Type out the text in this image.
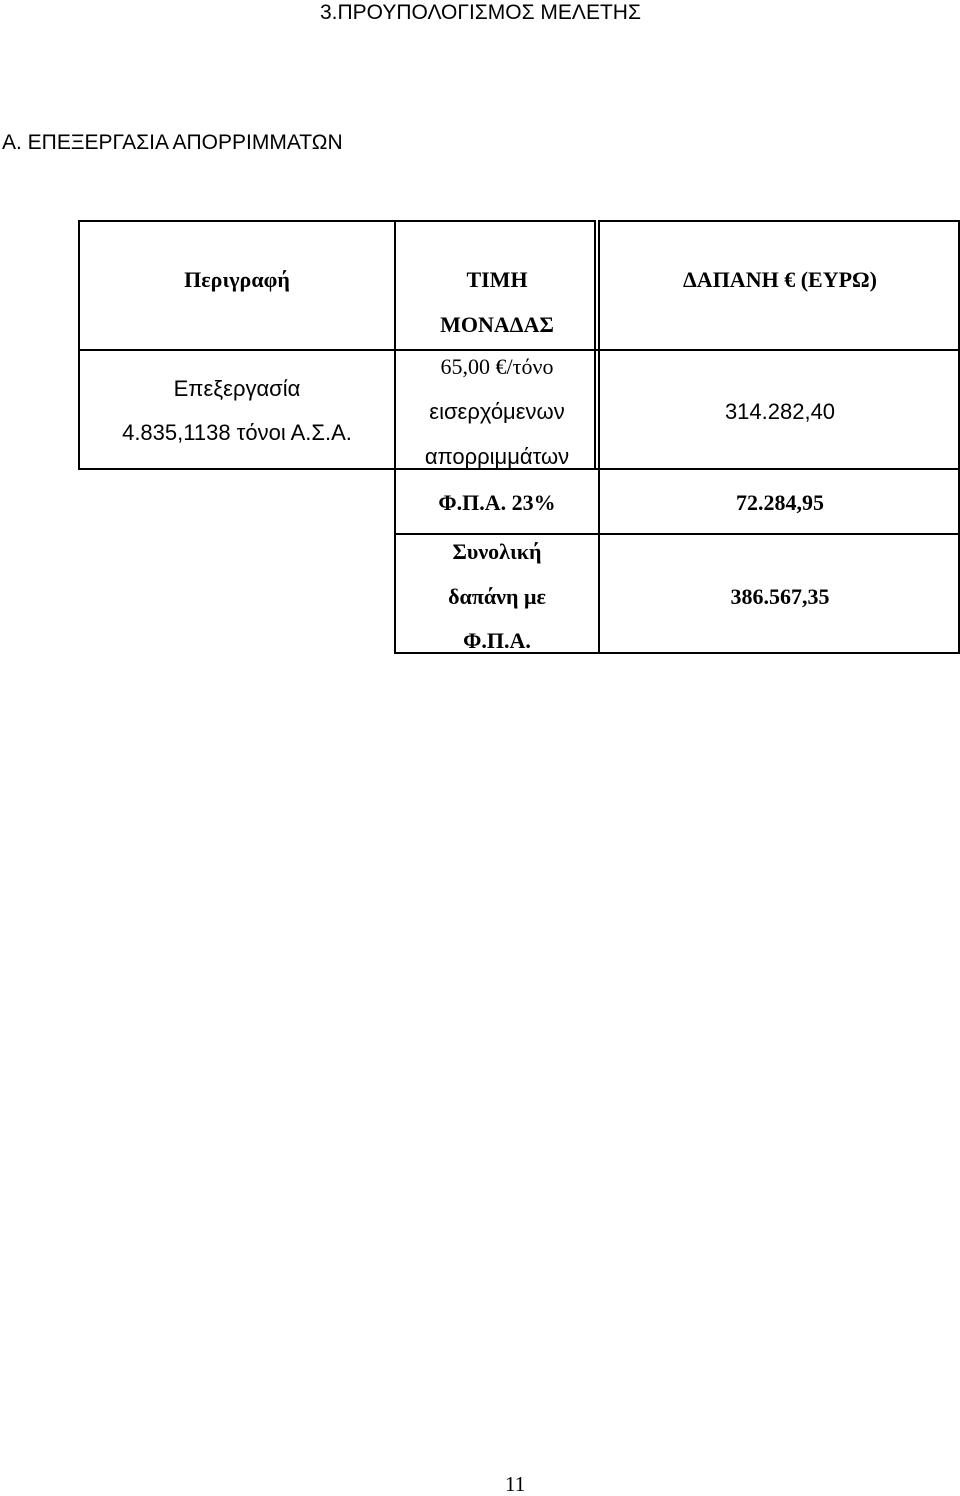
3.ΠΡΟΥΠΟΛΟΓΙΣΜΟΣ ΜΕΛΕΤΗΣ
Α. ΕΠΕΞΕΡΓΑΣΙΑ ΑΠΟΡΡΙΜΜΑΤΩΝ
Περιγραφή	ΤΙΜΗ
ΜΟΝΑΔΑΣ
ΔΑΠΑΝΗ € (ΕΥΡΩ)
Επεξεργασία
4.835,1138 τόνοι Α.Σ.Α.
65,00 €/τόνο
εισερχόμενων
απορριμμάτων
314.282,40
Φ.Π.Α. 23%	72.284,95
Συνολική
δαπάνη με
Φ.Π.Α.
386.567,35
11
